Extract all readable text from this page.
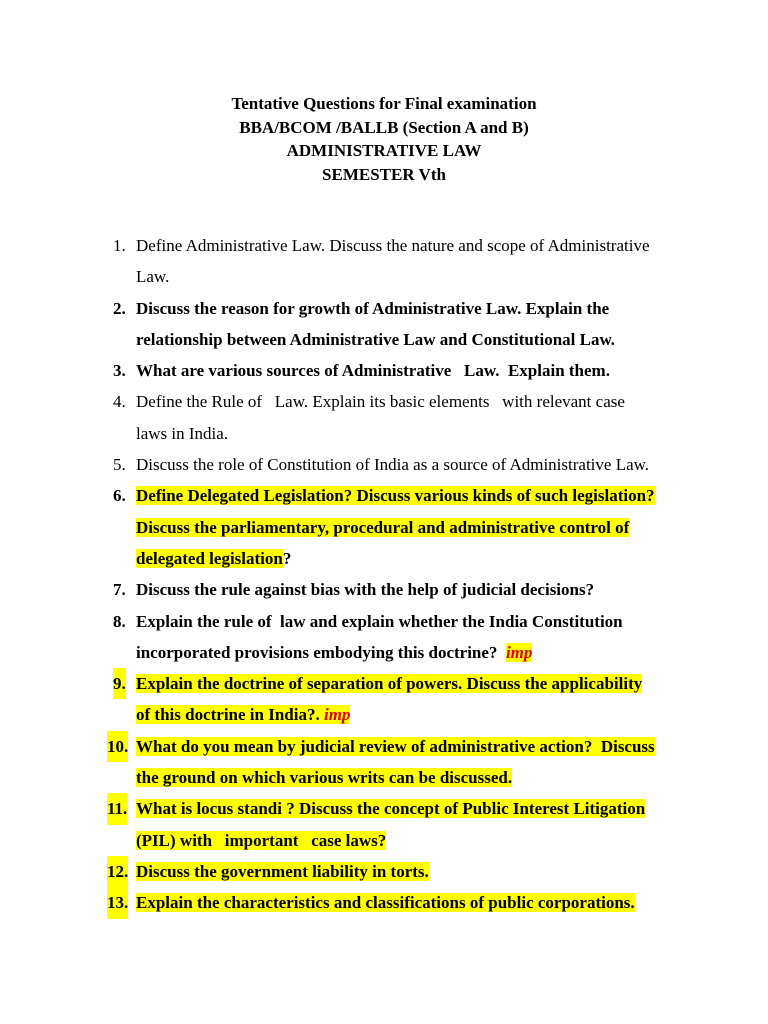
Tentative Questions for Final examination
BBA/BCOM /BALLB (Section A and B)
ADMINISTRATIVE LAW
SEMESTER Vth
1. Define Administrative Law. Discuss the nature and scope of Administrative
Law.
2. Discuss the reason for growth of Administrative Law. Explain the
relationship between Administrative Law and Constitutional Law.
3. What are various sources of Administrative   Law.  Explain them.
4. Define the Rule of   Law. Explain its basic elements   with relevant case
laws in India.
5. Discuss the role of Constitution of India as a source of Administrative Law.
6. Define Delegated Legislation? Discuss various kinds of such legislation?
Discuss the parliamentary, procedural and administrative control of
delegated legislation?
7. Discuss the rule against bias with the help of judicial decisions?
8. Explain the rule of  law and explain whether the India Constitution
incorporated provisions embodying this doctrine?  imp
9. Explain the doctrine of separation of powers. Discuss the applicability
of this doctrine in India?. imp
10. What do you mean by judicial review of administrative action?  Discuss
the ground on which various writs can be discussed.
11. What is locus standi ? Discuss the concept of Public Interest Litigation
(PIL) with   important   case laws?
12. Discuss the government liability in torts.
13. Explain the characteristics and classifications of public corporations.
